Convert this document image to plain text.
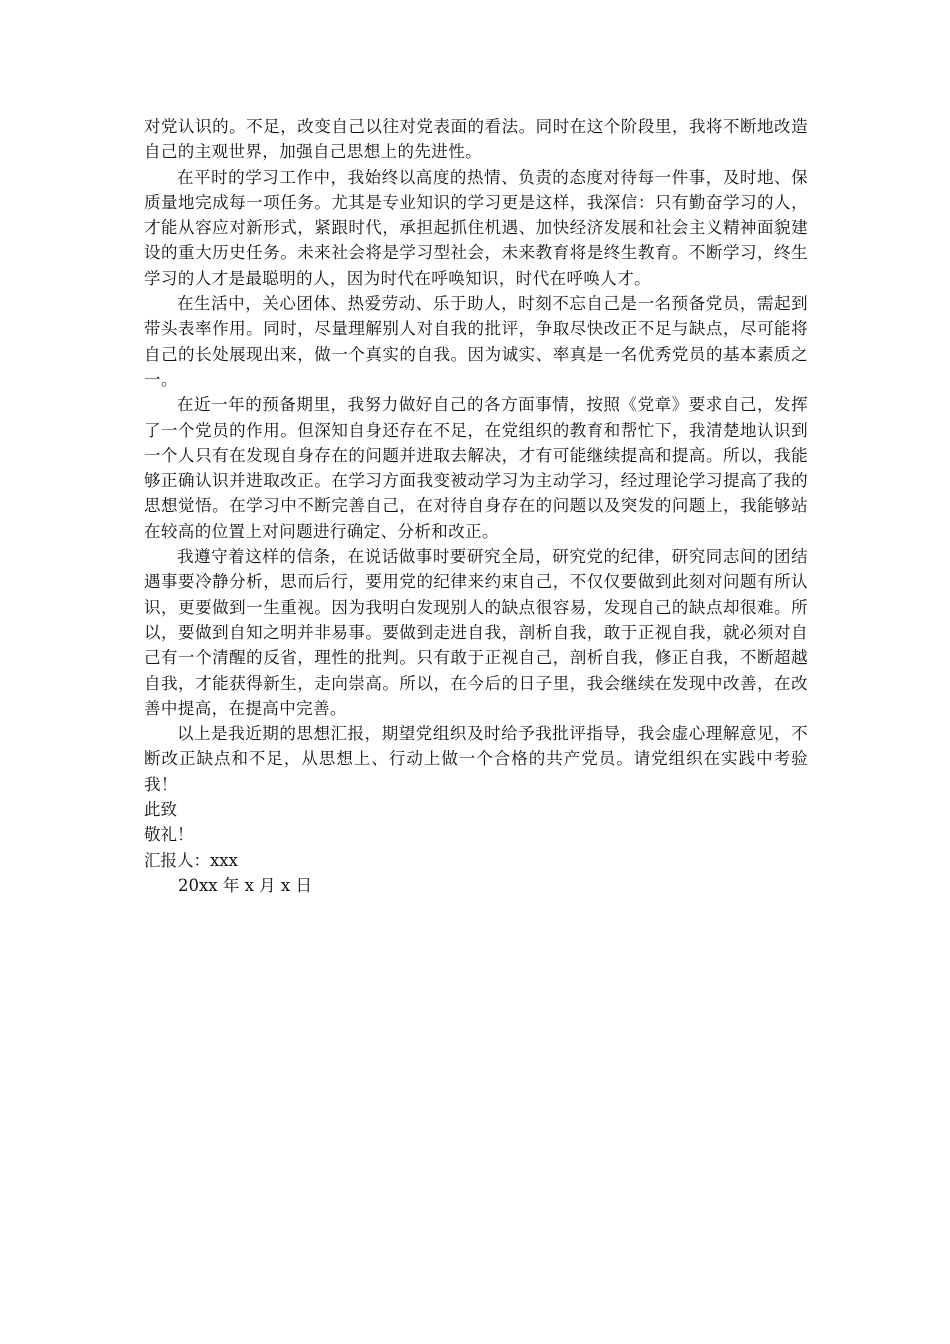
对党认识的。不足，改变自己以往对党表面的看法。同时在这个阶段里，我将不断地改造自己的主观世界，加强自己思想上的先进性。

在平时的学习工作中，我始终以高度的热情、负责的态度对待每一件事，及时地、保质量地完成每一项任务。尤其是专业知识的学习更是这样，我深信：只有勤奋学习的人，才能从容应对新形式，紧跟时代，承担起抓住机遇、加快经济发展和社会主义精神面貌建设的重大历史任务。未来社会将是学习型社会，未来教育将是终生教育。不断学习，终生学习的人才是最聪明的人，因为时代在呼唤知识，时代在呼唤人才。

在生活中，关心团体、热爱劳动、乐于助人，时刻不忘自己是一名预备党员，需起到带头表率作用。同时，尽量理解别人对自我的批评，争取尽快改正不足与缺点，尽可能将自己的长处展现出来，做一个真实的自我。因为诚实、率真是一名优秀党员的基本素质之一。

在近一年的预备期里，我努力做好自己的各方面事情，按照《党章》要求自己，发挥了一个党员的作用。但深知自身还存在不足，在党组织的教育和帮忙下，我清楚地认识到一个人只有在发现自身存在的问题并进取去解决，才有可能继续提高和提高。所以，我能够正确认识并进取改正。在学习方面我变被动学习为主动学习，经过理论学习提高了我的思想觉悟。在学习中不断完善自己，在对待自身存在的问题以及突发的问题上，我能够站在较高的位置上对问题进行确定、分析和改正。

我遵守着这样的信条，在说话做事时要研究全局，研究党的纪律，研究同志间的团结遇事要冷静分析，思而后行，要用党的纪律来约束自己，不仅仅要做到此刻对问题有所认识，更要做到一生重视。因为我明白发现别人的缺点很容易，发现自己的缺点却很难。所以，要做到自知之明并非易事。要做到走进自我，剖析自我，敢于正视自我，就必须对自己有一个清醒的反省，理性的批判。只有敢于正视自己，剖析自我，修正自我，不断超越自我，才能获得新生，走向崇高。所以，在今后的日子里，我会继续在发现中改善，在改善中提高，在提高中完善。

以上是我近期的思想汇报，期望党组织及时给予我批评指导，我会虚心理解意见，不断改正缺点和不足，从思想上、行动上做一个合格的共产党员。请党组织在实践中考验我！

此致

敬礼！

汇报人：xxx

20xx 年 x 月 x 日
